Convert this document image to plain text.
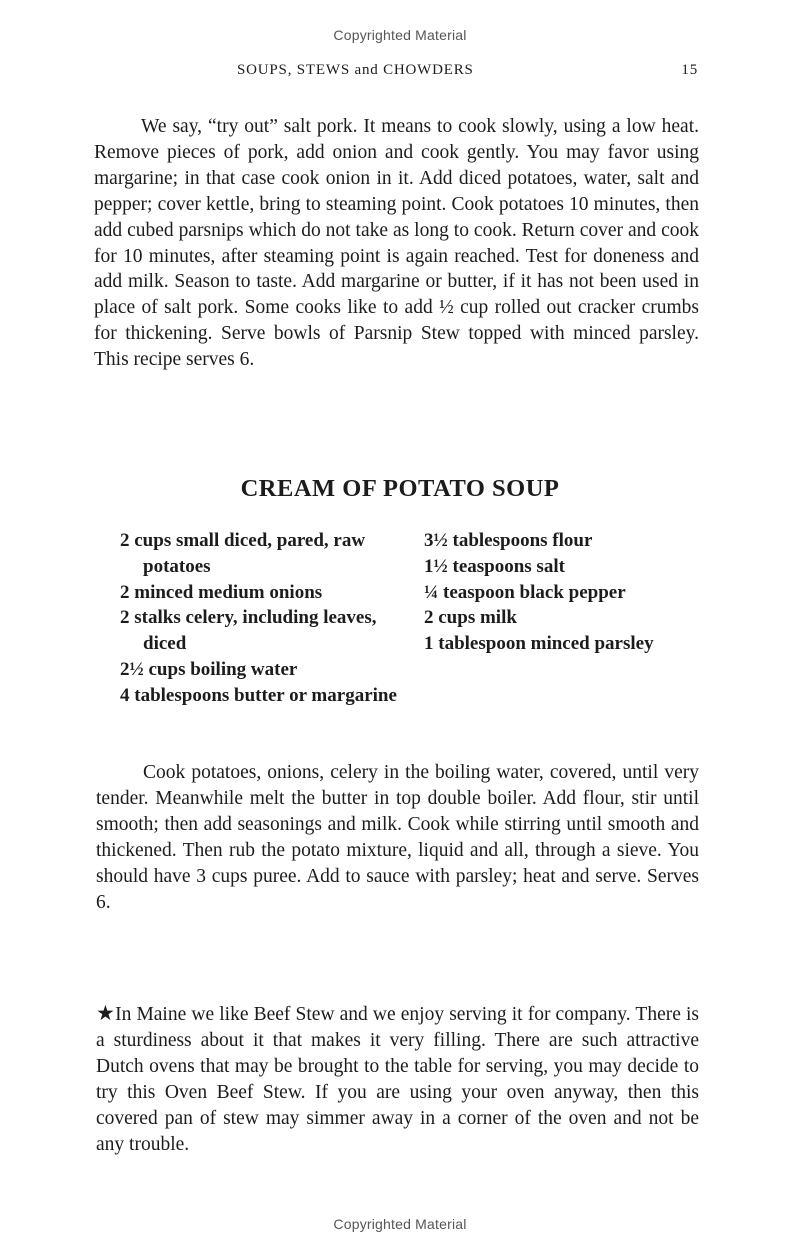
Copyrighted Material
SOUPS, STEWS and CHOWDERS	15

We say, “try out” salt pork. It means to cook slowly, using a low heat. Remove pieces of pork, add onion and cook gently. You may favor using margarine; in that case cook onion in it. Add diced potatoes, water, salt and pepper; cover kettle, bring to steaming point. Cook potatoes 10 minutes, then add cubed parsnips which do not take as long to cook. Return cover and cook for 10 minutes, after steaming point is again reached. Test for doneness and add milk. Season to taste. Add margarine or butter, if it has not been used in place of salt pork. Some cooks like to add ½ cup rolled out cracker crumbs for thickening. Serve bowls of Parsnip Stew topped with minced parsley. This recipe serves 6.

CREAM OF POTATO SOUP
2 cups small diced, pared, raw potatoes
2 minced medium onions
2 stalks celery, including leaves, diced
2½ cups boiling water
4 tablespoons butter or margarine
3½ tablespoons flour
1½ teaspoons salt
¼ teaspoon black pepper
2 cups milk
1 tablespoon minced parsley

Cook potatoes, onions, celery in the boiling water, covered, until very tender. Meanwhile melt the butter in top double boiler. Add flour, stir until smooth; then add seasonings and milk. Cook while stirring until smooth and thickened. Then rub the potato mixture, liquid and all, through a sieve. You should have 3 cups puree. Add to sauce with parsley; heat and serve. Serves 6.

★In Maine we like Beef Stew and we enjoy serving it for company. There is a sturdiness about it that makes it very filling. There are such attractive Dutch ovens that may be brought to the table for serving, you may decide to try this Oven Beef Stew. If you are using your oven anyway, then this covered pan of stew may simmer away in a corner of the oven and not be any trouble.

Copyrighted Material
